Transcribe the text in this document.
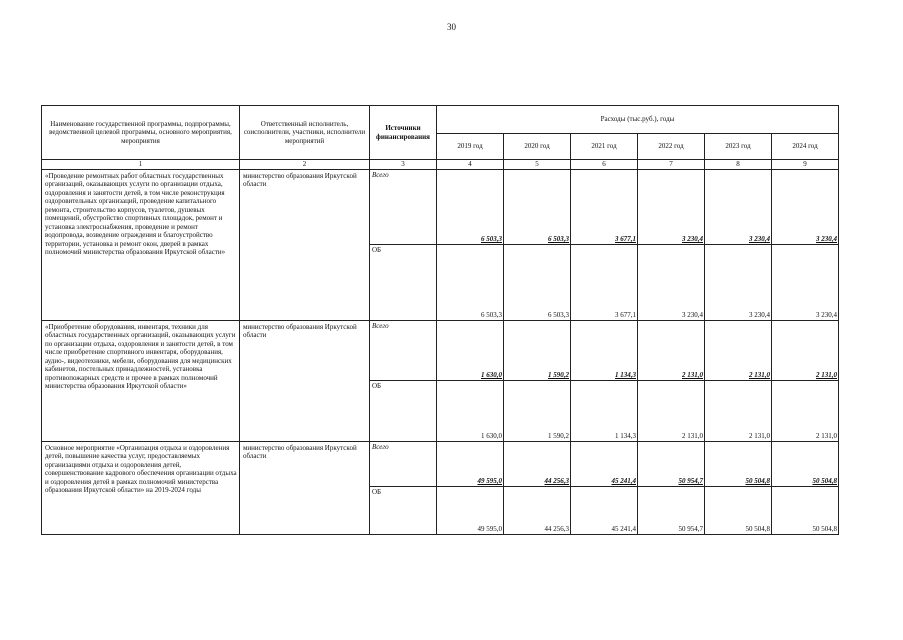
30
Наименование государственной программы, подпрограммы, ведомственной целевой программы, основного мероприятия, мероприятия	Ответственный исполнитель, соисполнители, участники, исполнители мероприятий	Источники финансирования	Расходы (тыс.руб.), годы					
			2019 год	2020 год	2021 год	2022 год	2023 год	2024 год
1	2	3	4	5	6	7	8	9
«Проведение ремонтных работ областных государственных организаций, оказывающих услуги по организации отдыха, оздоровления и занятости детей, в том числе реконструкция оздоровительных организаций, проведение капитального ремонта, строительство корпусов, туалетов, душевых помещений, обустройство спортивных площадок, ремонт и установка электроснабжения, проведение и ремонт водопровода, возведение ограждения и благоустройство территории, установка и ремонт окон, дверей в рамках полномочий министерства образования Иркутской области»	министерство образования Иркутской области	Всего	6 503,3	6 503,3	3 677,1	3 230,4	3 230,4	3 230,4
		ОБ	6 503,3	6 503,3	3 677,1	3 230,4	3 230,4	3 230,4
«Приобретение оборудования, инвентаря, техники для областных государственных организаций, оказывающих услуги по организации отдыха, оздоровления и занятости детей, в том числе приобретение спортивного инвентаря, оборудования, аудио-, видеотехники, мебели, оборудования для медицинских кабинетов, постельных принадлежностей, установка противопожарных средств и прочее в рамках полномочий министерства образования Иркутской области»	министерство образования Иркутской области	Всего	1 630,0	1 590,2	1 134,3	2 131,0	2 131,0	2 131,0
		ОБ	1 630,0	1 590,2	1 134,3	2 131,0	2 131,0	2 131,0
Основное мероприятие «Организация отдыха и оздоровления детей, повышение качества услуг, предоставляемых организациями отдыха и оздоровления детей, совершенствование кадрового обеспечения организации отдыха и оздоровления детей в рамках полномочий министерства образования Иркутской области» на 2019-2024 годы	министерство образования Иркутской области	Всего	49 595,0	44 256,3	45 241,4	50 954,7	50 504,8	50 504,8
		ОБ	49 595,0	44 256,3	45 241,4	50 954,7	50 504,8	50 504,8
